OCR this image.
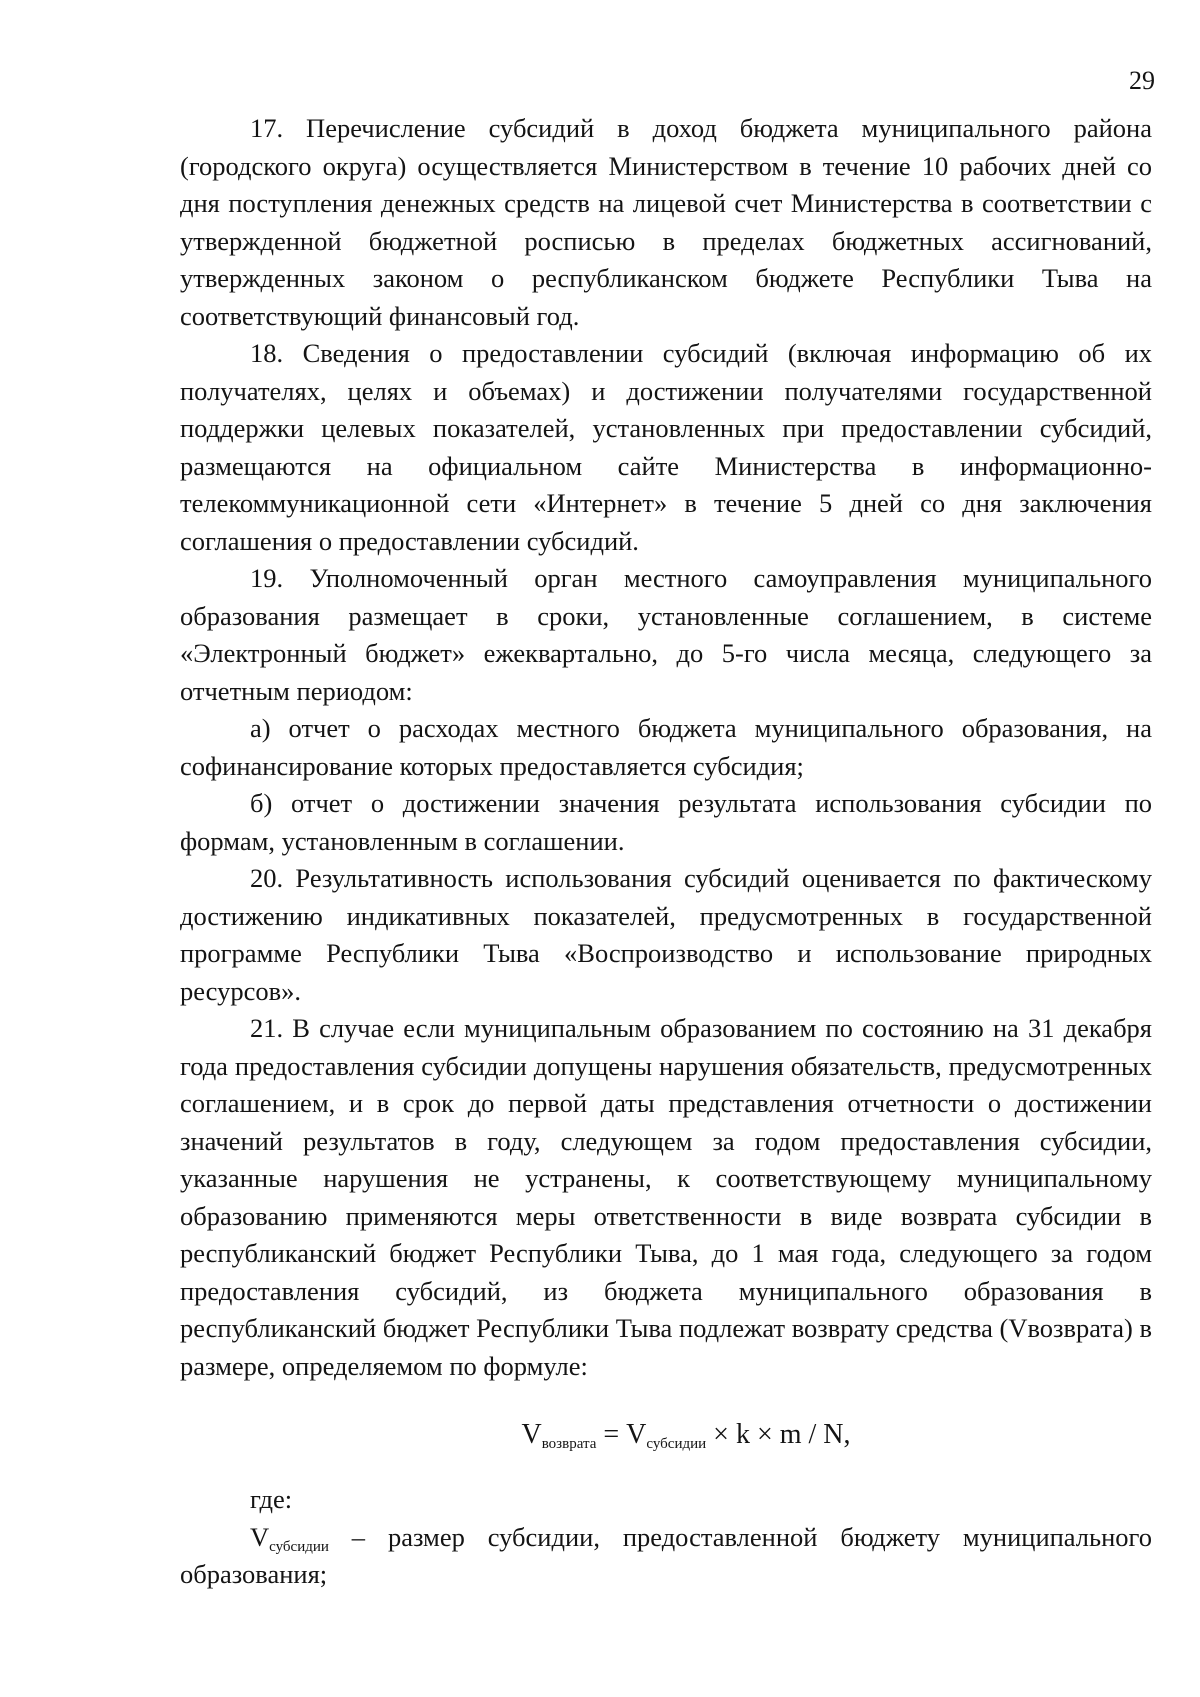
29

17. Перечисление субсидий в доход бюджета муниципального района (городского округа) осуществляется Министерством в течение 10 рабочих дней со дня поступления денежных средств на лицевой счет Министерства в соответствии с утвержденной бюджетной росписью в пределах бюджетных ассигнований, утвержденных законом о республиканском бюджете Республики Тыва на соответствующий финансовый год.

18. Сведения о предоставлении субсидий (включая информацию об их получателях, целях и объемах) и достижении получателями государственной поддержки целевых показателей, установленных при предоставлении субсидий, размещаются на официальном сайте Министерства в информационно-телекоммуникационной сети «Интернет» в течение 5 дней со дня заключения соглашения о предоставлении субсидий.

19. Уполномоченный орган местного самоуправления муниципального образования размещает в сроки, установленные соглашением, в системе «Электронный бюджет» ежеквартально, до 5-го числа месяца, следующего за отчетным периодом:

а) отчет о расходах местного бюджета муниципального образования, на софинансирование которых предоставляется субсидия;

б) отчет о достижении значения результата использования субсидии по формам, установленным в соглашении.

20. Результативность использования субсидий оценивается по фактическому достижению индикативных показателей, предусмотренных в государственной программе Республики Тыва «Воспроизводство и использование природных ресурсов».

21. В случае если муниципальным образованием по состоянию на 31 декабря года предоставления субсидии допущены нарушения обязательств, предусмотренных соглашением, и в срок до первой даты представления отчетности о достижении значений результатов в году, следующем за годом предоставления субсидии, указанные нарушения не устранены, к соответствующему муниципальному образованию применяются меры ответственности в виде возврата субсидии в республиканский бюджет Республики Тыва, до 1 мая года, следующего за годом предоставления субсидий, из бюджета муниципального образования в республиканский бюджет Республики Тыва подлежат возврату средства (Vвозврата) в размере, определяемом по формуле:

$V_{возврата} = V_{субсидии} \times k \times m / N$,

где:

$V_{субсидии}$ – размер субсидии, предоставленной бюджету муниципального образования;
